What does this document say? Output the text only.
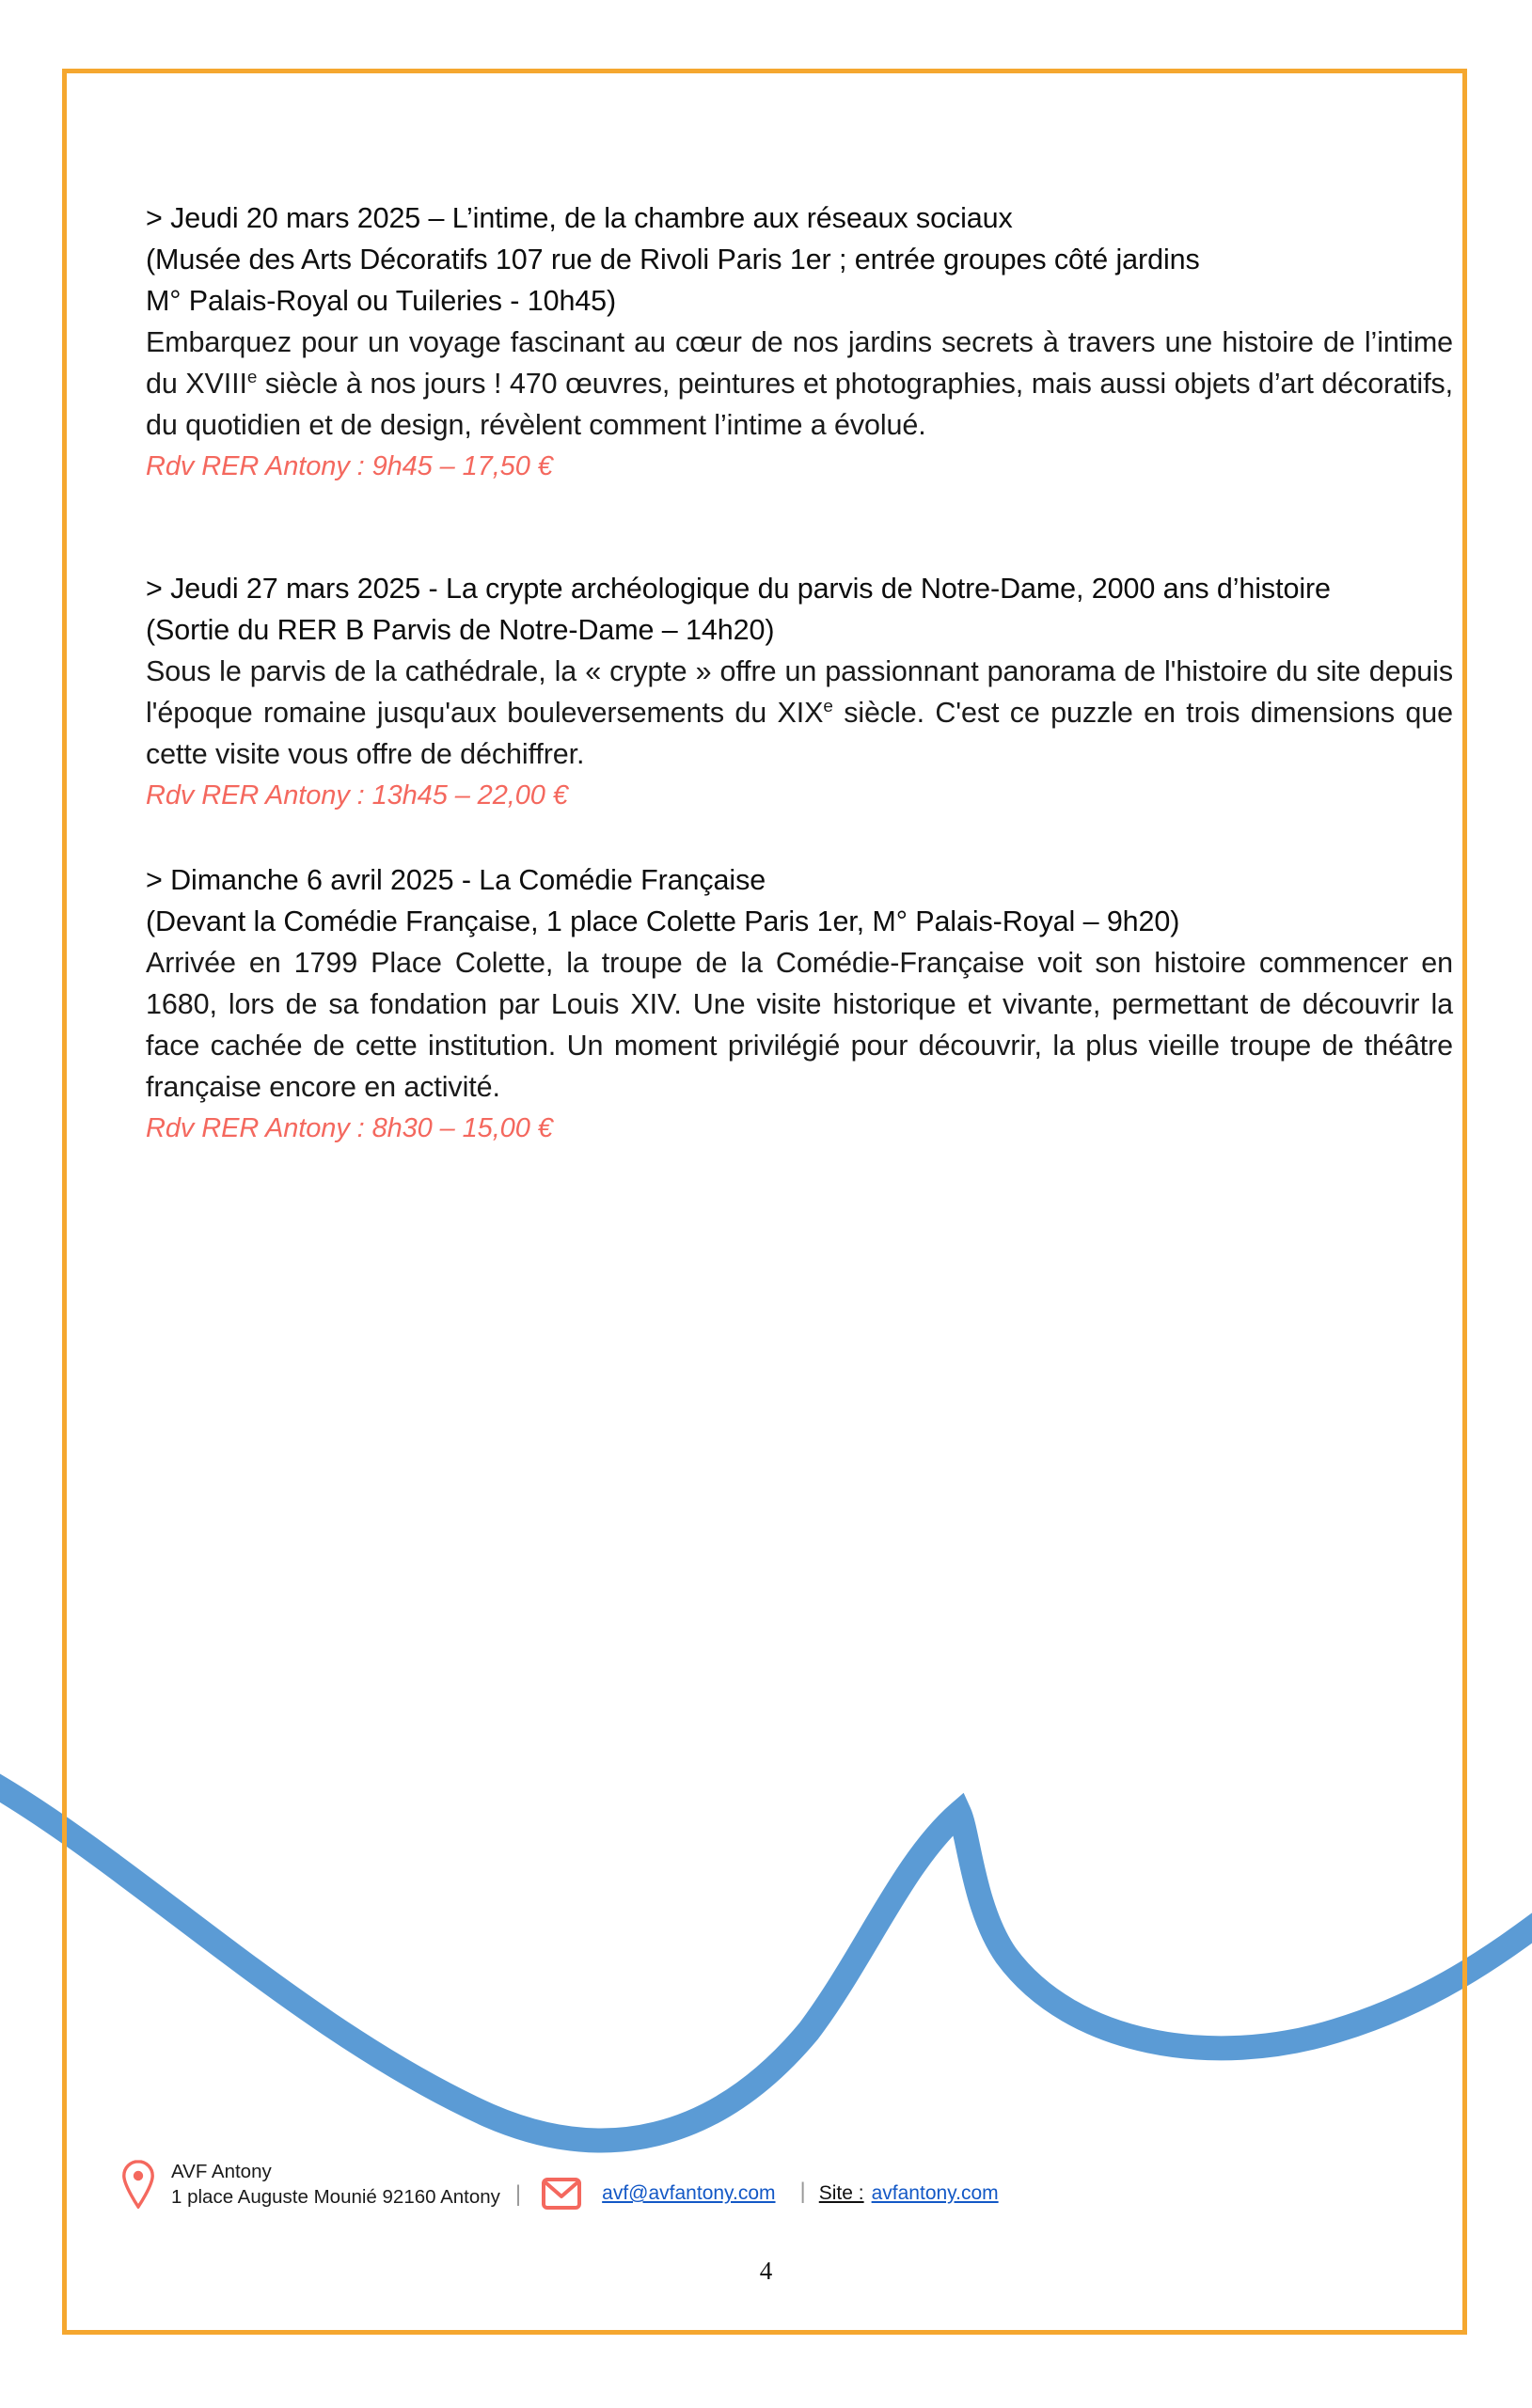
> Jeudi 20 mars 2025 – L’intime, de la chambre aux réseaux sociaux
(Musée des Arts Décoratifs 107 rue de Rivoli Paris 1er ; entrée groupes côté jardins
M° Palais-Royal ou Tuileries - 10h45)

Embarquez pour un voyage fascinant au cœur de nos jardins secrets à travers une histoire de l’intime du XVIIIe siècle à nos jours ! 470 œuvres, peintures et photographies, mais aussi objets d’art décoratifs, du quotidien et de design, révèlent comment l’intime a évolué.

Rdv RER Antony : 9h45 – 17,50 €
> Jeudi 27 mars 2025 - La crypte archéologique du parvis de Notre-Dame, 2000 ans d’histoire
(Sortie du RER B Parvis de Notre-Dame – 14h20)

Sous le parvis de la cathédrale, la « crypte » offre un passionnant panorama de l'histoire du site depuis l'époque romaine jusqu'aux bouleversements du XIXe siècle. C'est ce puzzle en trois dimensions que cette visite vous offre de déchiffrer.

Rdv RER Antony : 13h45 – 22,00 €
> Dimanche 6 avril 2025 - La Comédie Française
(Devant la Comédie Française, 1 place Colette Paris 1er, M° Palais-Royal – 9h20)

Arrivée en 1799 Place Colette, la troupe de la Comédie-Française voit son histoire commencer en 1680, lors de sa fondation par Louis XIV. Une visite historique et vivante, permettant de découvrir la face cachée de cette institution. Un moment privilégié pour découvrir, la plus vieille troupe de théâtre française encore en activité.

Rdv RER Antony : 8h30 – 15,00 €
AVF Antony
1 place Auguste Mounié 92160 Antony |	avf@avfantony.com | Site : avfantony.com
4
